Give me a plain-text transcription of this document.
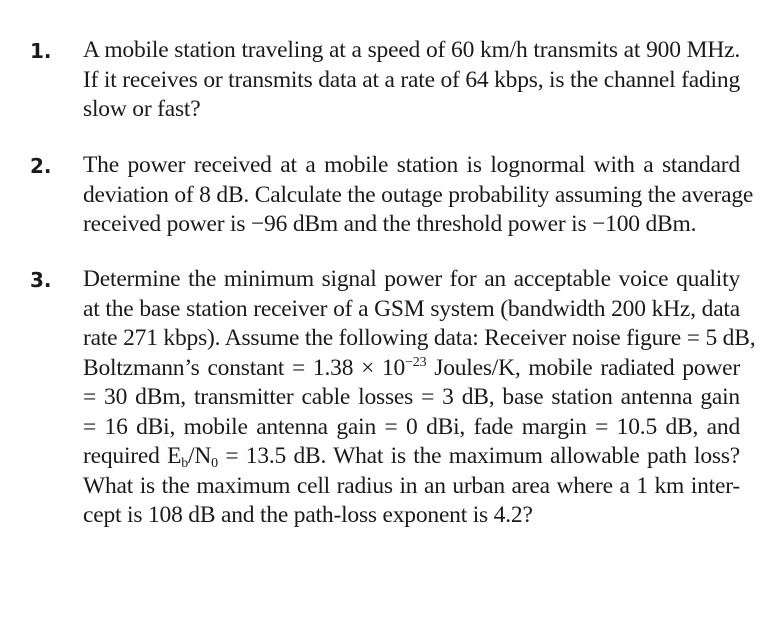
1.	A mobile station traveling at a speed of 60 km/h transmits at 900 MHz.
If it receives or transmits data at a rate of 64 kbps, is the channel fading
slow or fast?
2.	The power received at a mobile station is lognormal with a standard
deviation of 8 dB. Calculate the outage probability assuming the average
received power is −96 dBm and the threshold power is −100 dBm.
3.	Determine the minimum signal power for an acceptable voice quality
at the base station receiver of a GSM system (bandwidth 200 kHz, data
rate 271 kbps). Assume the following data: Receiver noise figure = 5 dB,
Boltzmann’s constant = $1.38 \times 10^{-23}$ Joules/K, mobile radiated power
= 30 dBm, transmitter cable losses = 3 dB, base station antenna gain
= 16 dBi, mobile antenna gain = 0 dBi, fade margin = 10.5 dB, and
required $E_b/N_0 = 13.5$ dB. What is the maximum allowable path loss?
What is the maximum cell radius in an urban area where a 1 km inter-
cept is 108 dB and the path-loss exponent is 4.2?
